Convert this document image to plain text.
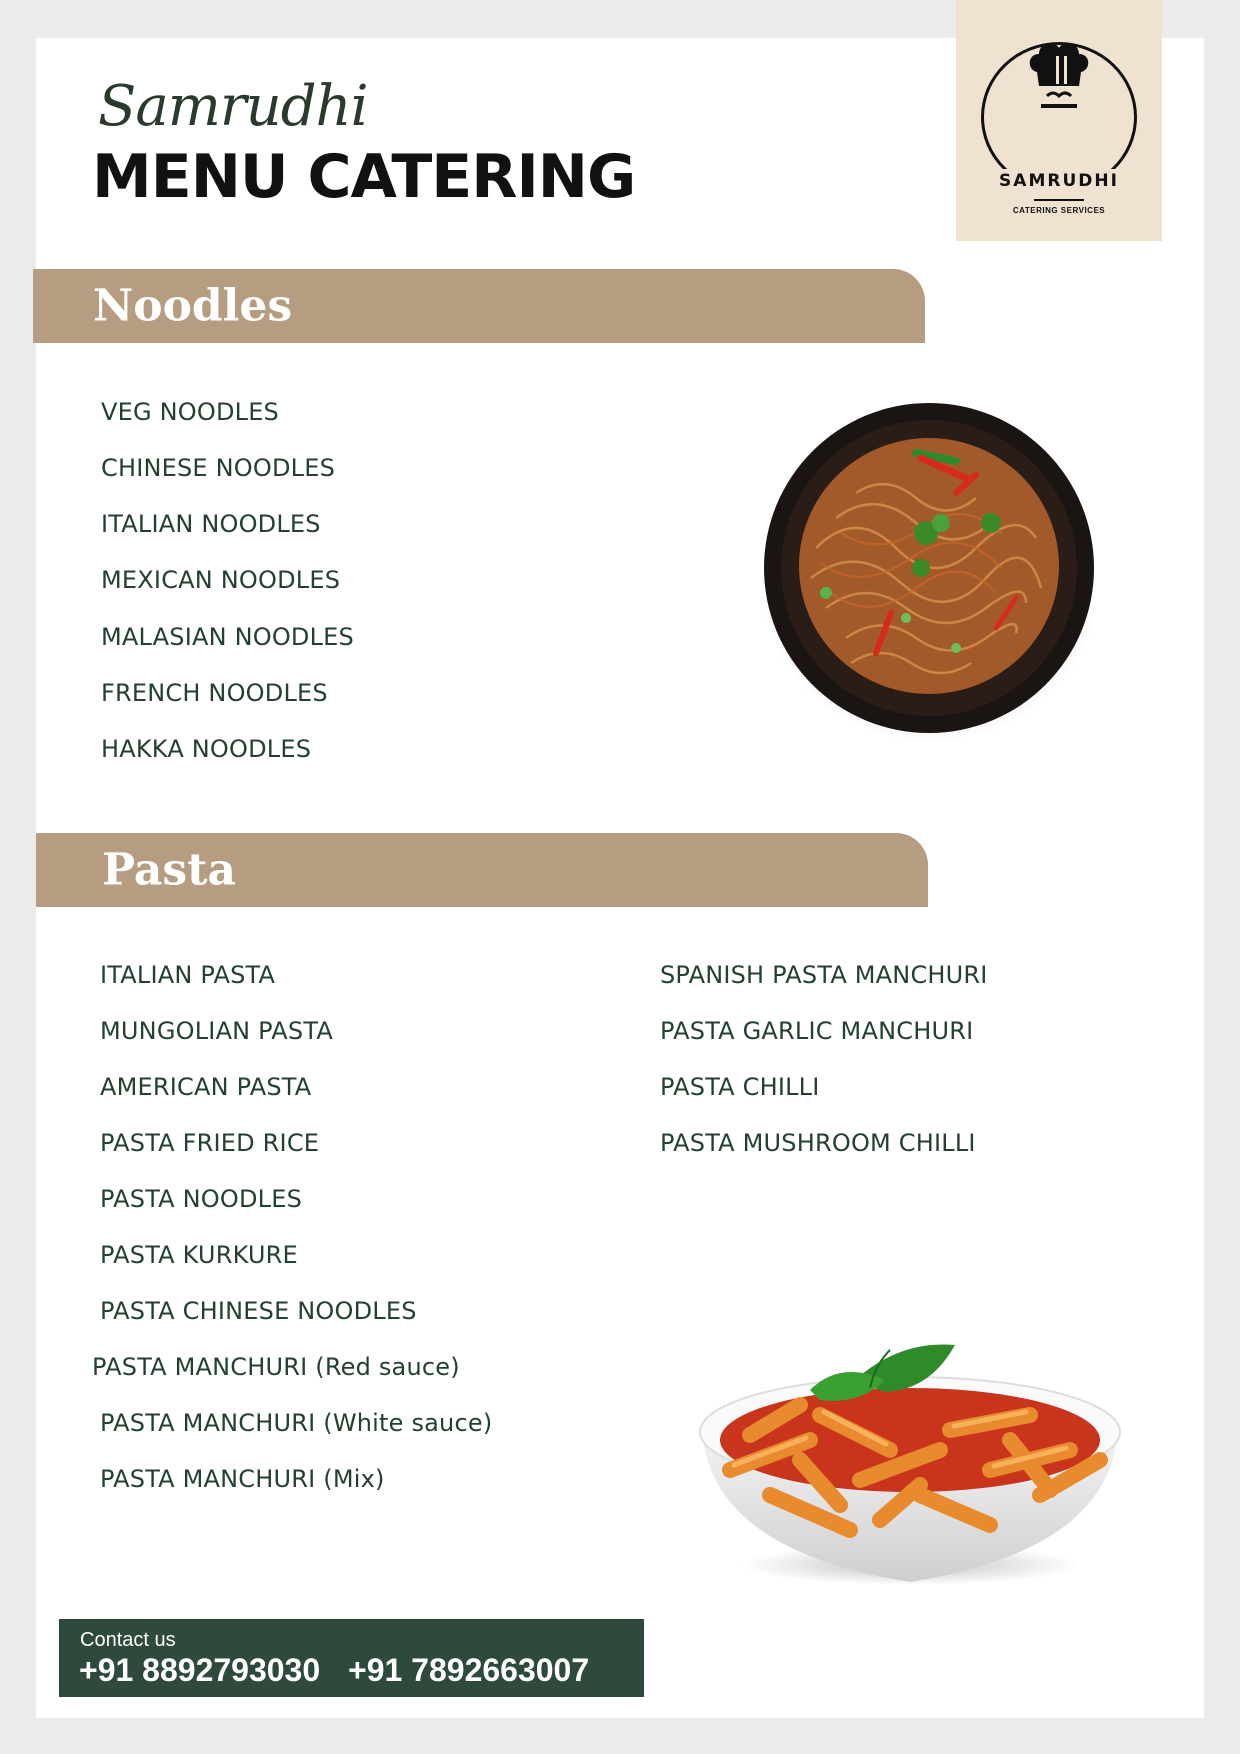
SAMRUDHI
CATERING SERVICES
Samrudhi
MENU CATERING
Noodles
VEG NOODLES
CHINESE NOODLES
ITALIAN NOODLES
MEXICAN NOODLES
MALASIAN NOODLES
FRENCH NOODLES
HAKKA NOODLES
Pasta
ITALIAN PASTA
MUNGOLIAN PASTA
AMERICAN PASTA
PASTA FRIED RICE
PASTA NOODLES
PASTA KURKURE
PASTA CHINESE NOODLES
PASTA MANCHURI (Red sauce)
PASTA MANCHURI (White sauce)
PASTA MANCHURI (Mix)
SPANISH PASTA MANCHURI
PASTA GARLIC MANCHURI
PASTA CHILLI
PASTA MUSHROOM CHILLI
Contact us
+91 8892793030 +91 7892663007
